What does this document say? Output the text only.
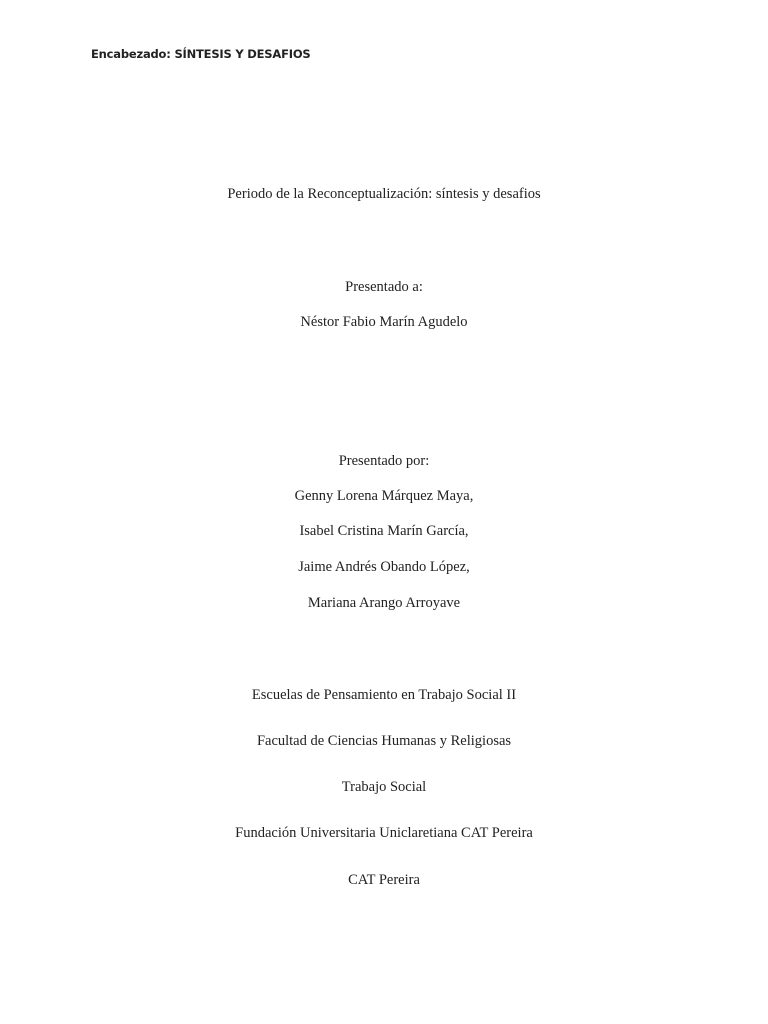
Encabezado: SÍNTESIS Y DESAFIOS
Periodo de la Reconceptualización: síntesis y desafios
Presentado a:
Néstor Fabio Marín Agudelo
Presentado por:
Genny Lorena Márquez Maya,
Isabel Cristina Marín García,
Jaime Andrés Obando López,
Mariana Arango Arroyave
Escuelas de Pensamiento en Trabajo Social II
Facultad de Ciencias Humanas y Religiosas
Trabajo Social
Fundación Universitaria Uniclaretiana CAT Pereira
CAT Pereira
